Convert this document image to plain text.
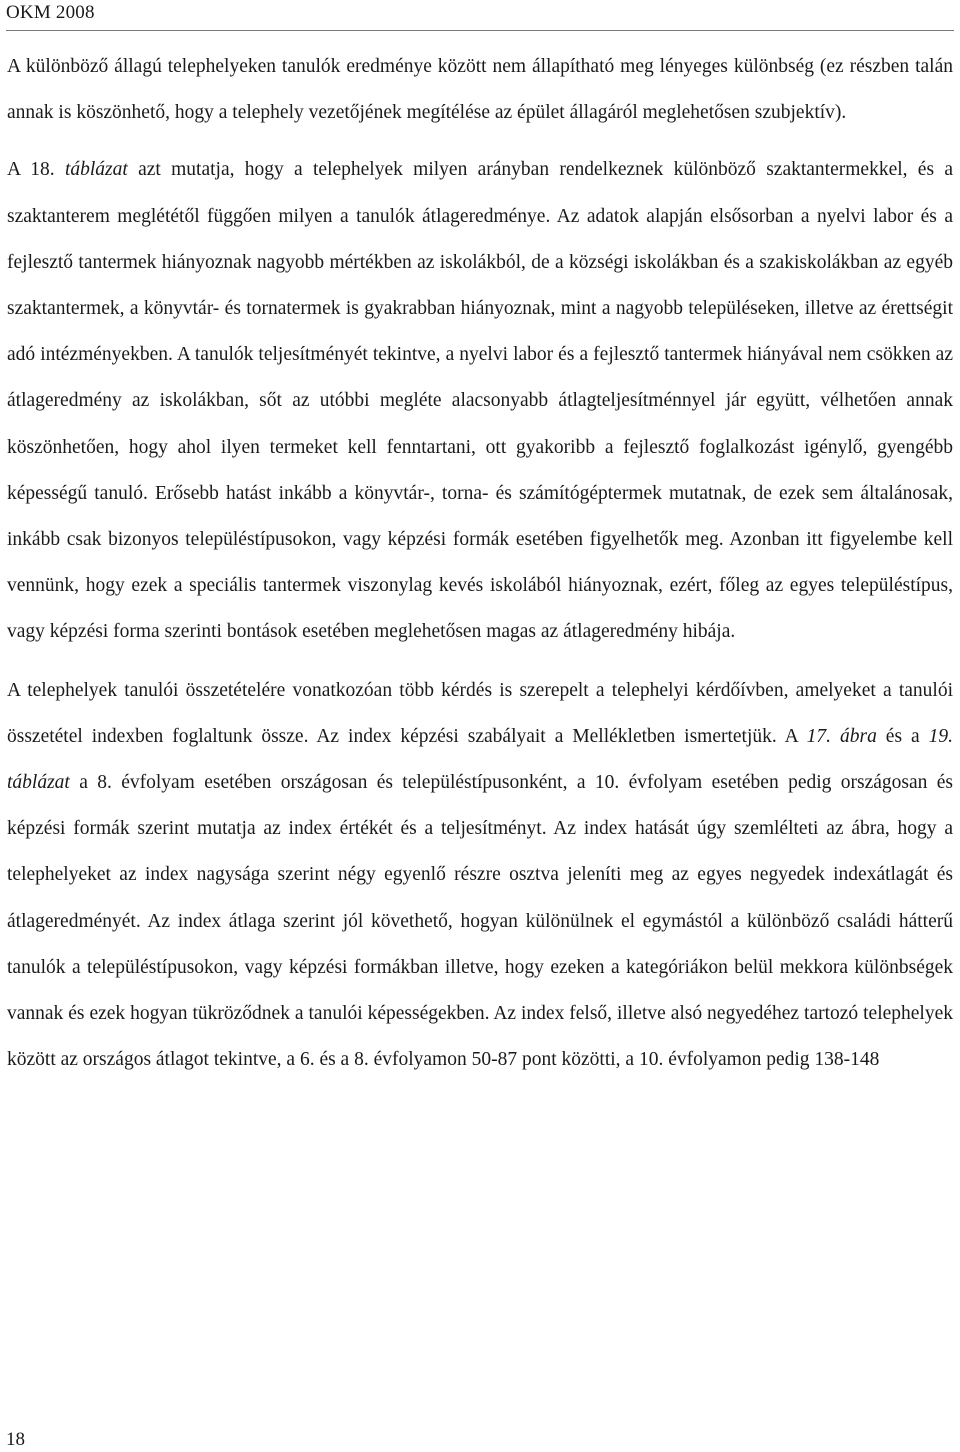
OKM 2008

A különböző állagú telephelyeken tanulók eredménye között nem állapítható meg lényeges különbség (ez részben talán annak is köszönhető, hogy a telephely vezetőjének megítélése az épület állagáról meglehetősen szubjektív).

A 18. táblázat azt mutatja, hogy a telephelyek milyen arányban rendelkeznek különböző szaktantermekkel, és a szaktanterem meglététől függően milyen a tanulók átlageredménye. Az adatok alapján elsősorban a nyelvi labor és a fejlesztő tantermek hiányoznak nagyobb mértékben az iskolákból, de a községi iskolákban és a szakiskolákban az egyéb szaktantermek, a könyvtár- és tornatermek is gyakrabban hiányoznak, mint a nagyobb településeken, illetve az érettségit adó intézményekben. A tanulók teljesítményét tekintve, a nyelvi labor és a fejlesztő tantermek hiányával nem csökken az átlageredmény az iskolákban, sőt az utóbbi megléte alacsonyabb átlagteljesítménnyel jár együtt, vélhetően annak köszönhetően, hogy ahol ilyen termeket kell fenntartani, ott gyakoribb a fejlesztő foglalkozást igénylő, gyengébb képességű tanuló. Erősebb hatást inkább a könyvtár-, torna- és számítógéptermek mutatnak, de ezek sem általánosak, inkább csak bizonyos településtípusokon, vagy képzési formák esetében figyelhetők meg. Azonban itt figyelembe kell vennünk, hogy ezek a speciális tantermek viszonylag kevés iskolából hiányoznak, ezért, főleg az egyes településtípus, vagy képzési forma szerinti bontások esetében meglehetősen magas az átlageredmény hibája.

A telephelyek tanulói összetételére vonatkozóan több kérdés is szerepelt a telephelyi kérdőívben, amelyeket a tanulói összetétel indexben foglaltunk össze. Az index képzési szabályait a Mellékletben ismertetjük. A 17. ábra és a 19. táblázat a 8. évfolyam esetében országosan és településtípusonként, a 10. évfolyam esetében pedig országosan és képzési formák szerint mutatja az index értékét és a teljesítményt. Az index hatását úgy szemlélteti az ábra, hogy a telephelyeket az index nagysága szerint négy egyenlő részre osztva jeleníti meg az egyes negyedek indexátlagát és átlageredményét. Az index átlaga szerint jól követhető, hogyan különülnek el egymástól a különböző családi hátterű tanulók a településtípusokon, vagy képzési formákban illetve, hogy ezeken a kategóriákon belül mekkora különbségek vannak és ezek hogyan tükröződnek a tanulói képességekben. Az index felső, illetve alsó negyedéhez tartozó telephelyek között az országos átlagot tekintve, a 6. és a 8. évfolyamon 50-87 pont közötti, a 10. évfolyamon pedig 138-148

18
